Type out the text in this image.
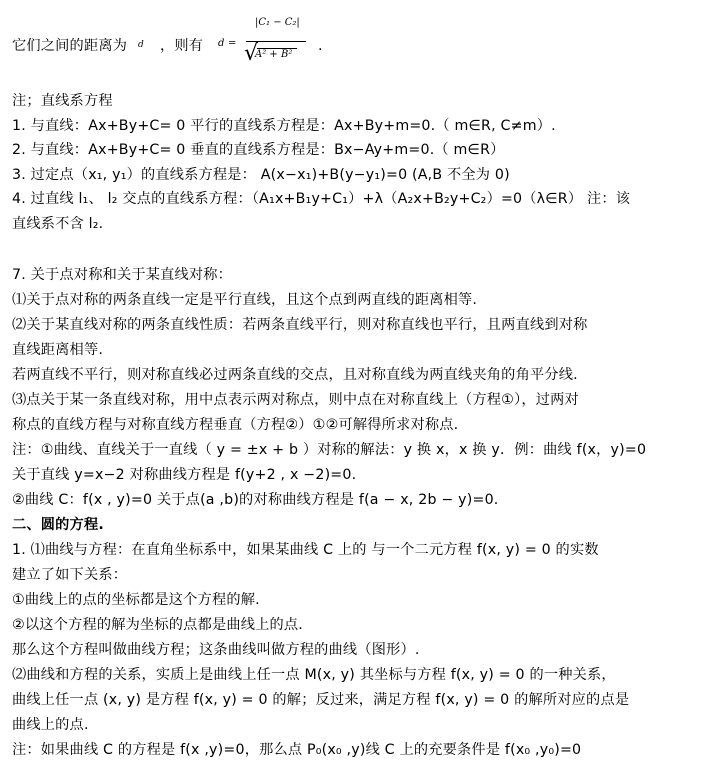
它们之间的距离为
注；直线系方程
1. 与直线：Ax+By+C= 0 平行的直线系方程是：Ax+By+m=0.（ m∈R, C≠m）.
2. 与直线：Ax+By+C= 0 垂直的直线系方程是：Bx−Ay+m=0.（ m∈R）
3. 过定点（x₁, y₁）的直线系方程是： A(x−x₁)+B(y−y₁)=0 (A,B 不全为 0)
4. 过直线 l₁、 l₂ 交点的直线系方程：（A₁x+B₁y+C₁）+λ（A₂x+B₂y+C₂）=0（λ∈R） 注：该
直线系不含 l₂.
7. 关于点对称和关于某直线对称：
⑴关于点对称的两条直线一定是平行直线，且这个点到两直线的距离相等.
⑵关于某直线对称的两条直线性质：若两条直线平行，则对称直线也平行，且两直线到对称
直线距离相等.
若两直线不平行，则对称直线必过两条直线的交点，且对称直线为两直线夹角的角平分线.
⑶点关于某一条直线对称，用中点表示两对称点，则中点在对称直线上（方程①），过两对
称点的直线方程与对称直线方程垂直（方程②）①②可解得所求对称点.
注：①曲线、直线关于一直线（ y = ±x + b ）对称的解法：y 换 x，x 换 y．例：曲线 f(x，y)=0
关于直线 y=x−2 对称曲线方程是 f(y+2 , x −2)=0.
②曲线 C：f(x , y)=0 关于点(a ,b)的对称曲线方程是 f(a − x, 2b − y)=0.
二、圆的方程.
1. ⑴曲线与方程：在直角坐标系中，如果某曲线 C 上的 与一个二元方程 f(x, y) = 0 的实数
建立了如下关系：
①曲线上的点的坐标都是这个方程的解.
②以这个方程的解为坐标的点都是曲线上的点.
那么这个方程叫做曲线方程；这条曲线叫做方程的曲线（图形）.
⑵曲线和方程的关系，实质上是曲线上任一点 M(x, y) 其坐标与方程 f(x, y) = 0 的一种关系，
曲线上任一点 (x, y) 是方程 f(x, y) = 0 的解；反过来，满足方程 f(x, y) = 0 的解所对应的点是
曲线上的点.
注：如果曲线 C 的方程是 f(x ,y)=0，那么点 P₀(x₀ ,y)线 C 上的充要条件是 f(x₀ ,y₀)=0
d	，则有	d =
|C₁ − C₂|
√
A² + B²
.
